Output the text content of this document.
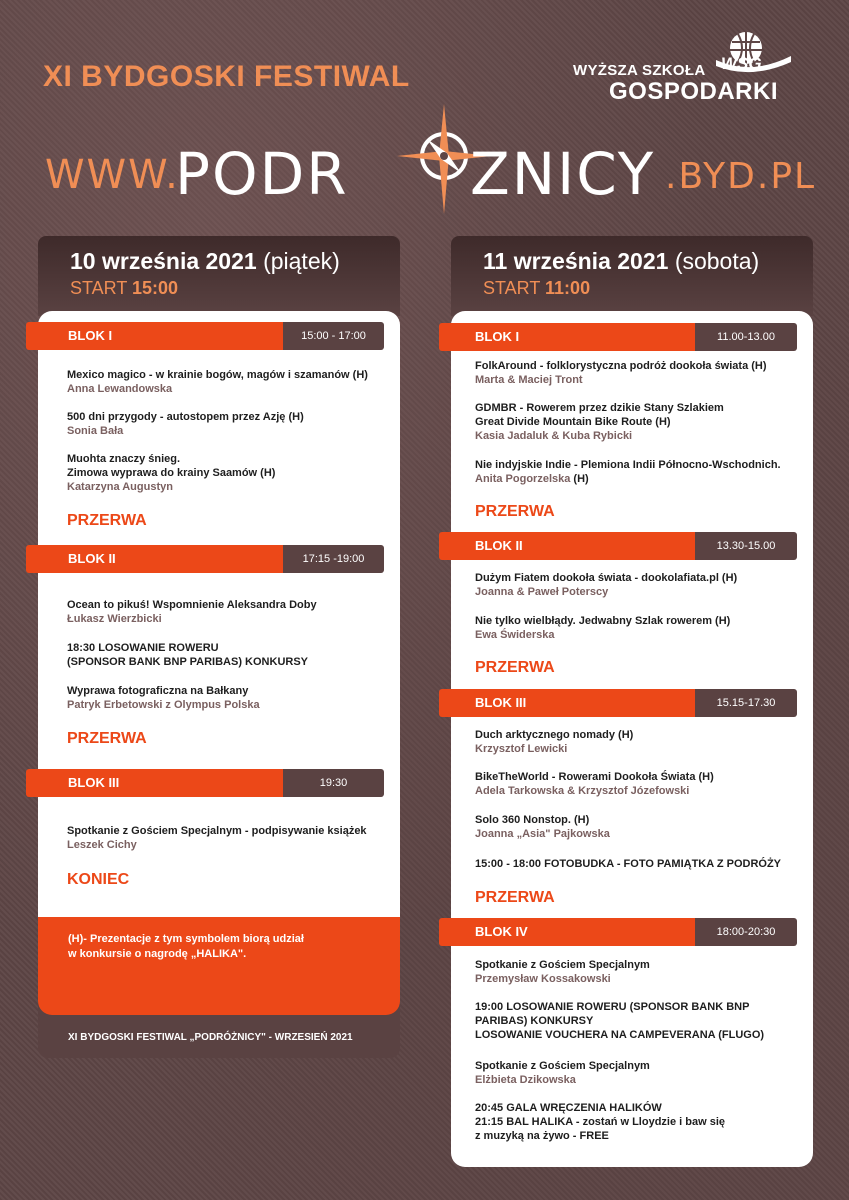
XI BYDGOSKI FESTIWAL	WSG
WYŻSZA SZKOŁA
GOSPODARKI
WWW.
PODR ZNICY .BYD.PL
10 września 2021 (piątek)
START 15:00
11 września 2021 (sobota)
START 11:00
XI BYDGOSKI FESTIWAL „PODRÓŻNICY" - WRZESIEŃ 2021
(H)- Prezentacje z tym symbolem biorą udział
w konkursie o nagrodę „HALIKA".
BLOK I	15:00 - 17:00
Mexico magico - w krainie bogów, magów i szamanów (H)
Anna Lewandowska
500 dni przygody - autostopem przez Azję (H)
Sonia Bała
Muohta znaczy śnieg.
Zimowa wyprawa do krainy Saamów (H)
Katarzyna Augustyn
PRZERWA
BLOK II	17:15 -19:00
Ocean to pikuś! Wspomnienie Aleksandra Doby
Łukasz Wierzbicki
18:30 LOSOWANIE ROWERU
(SPONSOR BANK BNP PARIBAS) KONKURSY
Wyprawa fotograficzna na Bałkany
Patryk Erbetowski z Olympus Polska
PRZERWA
BLOK III	19:30
Spotkanie z Gościem Specjalnym - podpisywanie książek
Leszek Cichy
KONIEC
BLOK I	11.00-13.00
FolkAround - folklorystyczna podróż dookoła świata (H)
Marta & Maciej Tront
GDMBR - Rowerem przez dzikie Stany Szlakiem
Great Divide Mountain Bike Route (H)
Kasia Jadaluk & Kuba Rybicki
Nie indyjskie Indie - Plemiona Indii Północno-Wschodnich.
Anita Pogorzelska (H)
PRZERWA
BLOK II	13.30-15.00
Dużym Fiatem dookoła świata - dookolafiata.pl (H)
Joanna & Paweł Poterscy
Nie tylko wielbłądy. Jedwabny Szlak rowerem (H)
Ewa Świderska
PRZERWA
BLOK III	15.15-17.30
Duch arktycznego nomady (H)
Krzysztof Lewicki
BikeTheWorld - Rowerami Dookoła Świata (H)
Adela Tarkowska & Krzysztof Józefowski
Solo 360 Nonstop. (H)
Joanna „Asia" Pajkowska
15:00 - 18:00 FOTOBUDKA - FOTO PAMIĄTKA Z PODRÓŻY
PRZERWA
BLOK IV	18:00-20:30
Spotkanie z Gościem Specjalnym
Przemysław Kossakowski
19:00 LOSOWANIE ROWERU (SPONSOR BANK BNP
PARIBAS) KONKURSY
LOSOWANIE VOUCHERA NA CAMPEVERANA (FLUGO)
Spotkanie z Gościem Specjalnym
Elżbieta Dzikowska
20:45 GALA WRĘCZENIA HALIKÓW
21:15 BAL HALIKA - zostań w Lloydzie i baw się
z muzyką na żywo - FREE
